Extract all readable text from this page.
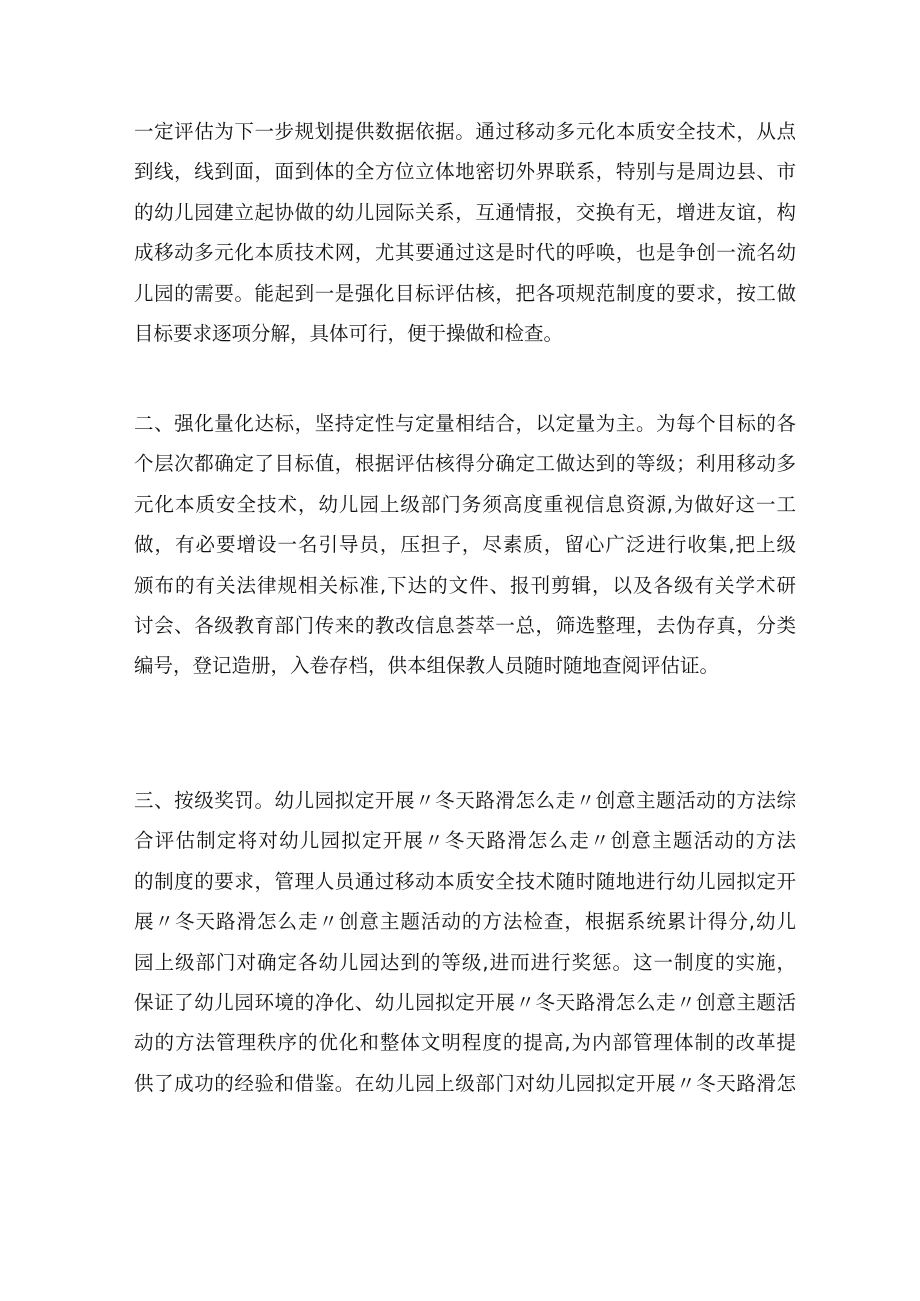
一定评估为下一步规划提供数据依据。通过移动多元化本质安全技术，从点
到线，线到面，面到体的全方位立体地密切外界联系，特别与是周边县、市
的幼儿园建立起协做的幼儿园际关系，互通情报，交换有无，增进友谊，构
成移动多元化本质技术网，尤其要通过这是时代的呼唤，也是争创一流名幼
儿园的需要。能起到一是强化目标评估核，把各项规范制度的要求，按工做
目标要求逐项分解，具体可行，便于操做和检查。
二、强化量化达标，坚持定性与定量相结合，以定量为主。为每个目标的各
个层次都确定了目标值，根据评估核得分确定工做达到的等级；利用移动多
元化本质安全技术，幼儿园上级部门务须高度重视信息资源,为做好这一工
做，有必要增设一名引导员，压担子，尽素质，留心广泛进行收集,把上级
颁布的有关法律规相关标准,下达的文件、报刊剪辑，以及各级有关学术研
讨会、各级教育部门传来的教改信息荟萃一总，筛选整理，去伪存真，分类
编号，登记造册，入卷存档，供本组保教人员随时随地查阅评估证。
三、按级奖罚。幼儿园拟定开展〃冬天路滑怎么走〃创意主题活动的方法综
合评估制定将对幼儿园拟定开展〃冬天路滑怎么走〃创意主题活动的方法
的制度的要求，管理人员通过移动本质安全技术随时随地进行幼儿园拟定开
展〃冬天路滑怎么走〃创意主题活动的方法检查，根据系统累计得分,幼儿
园上级部门对确定各幼儿园达到的等级,进而进行奖惩。这一制度的实施，
保证了幼儿园环境的净化、幼儿园拟定开展〃冬天路滑怎么走〃创意主题活
动的方法管理秩序的优化和整体文明程度的提高,为内部管理体制的改革提
供了成功的经验和借鉴。在幼儿园上级部门对幼儿园拟定开展〃冬天路滑怎
